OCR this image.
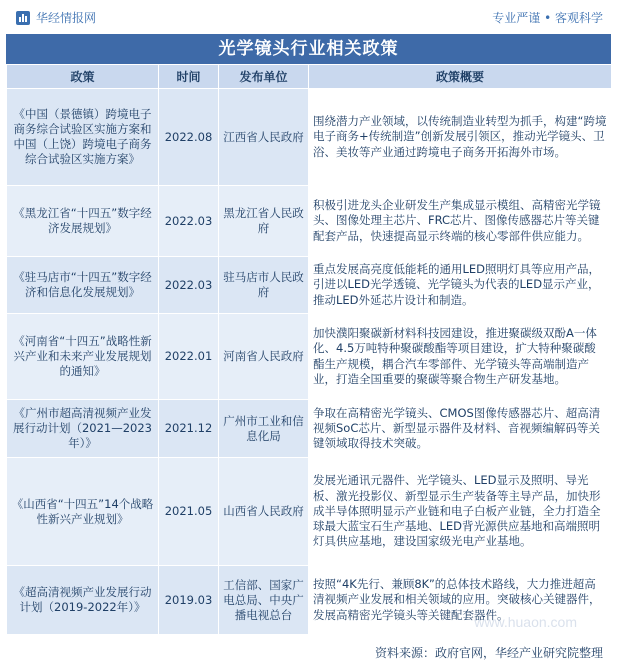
华经情报网	专业严谨 • 客观科学
光学镜头行业相关政策
政策	时间	发布单位	政策概要
《中国（景德镇）跨境电子商务综合试验区实施方案和中国（上饶）跨境电子商务综合试验区实施方案》	2022.08	江西省人民政府	围绕潜力产业领域，以传统制造业转型为抓手，构建“跨境电子商务+传统制造”创新发展引领区，推动光学镜头、卫浴、美妆等产业通过跨境电子商务开拓海外市场。
《黑龙江省“十四五”数字经济发展规划》	2022.03	黑龙江省人民政府	积极引进龙头企业研发生产集成显示模组、高精密光学镜头、图像处理主芯片、FRC芯片、图像传感器芯片等关键配套产品，快速提高显示终端的核心零部件供应能力。
《驻马店市“十四五”数字经济和信息化发展规划》	2022.03	驻马店市人民政府	重点发展高亮度低能耗的通用LED照明灯具等应用产品，引进以LED光学透镜、光学镜头为代表的LED显示产业，推动LED外延芯片设计和制造。
《河南省“十四五”战略性新兴产业和未来产业发展规划的通知》	2022.01	河南省人民政府	加快濮阳聚碳新材料科技园建设，推进聚碳级双酚A一体化、4.5万吨特种聚碳酸酯等项目建设，扩大特种聚碳酸酯生产规模，耦合汽车零部件、光学镜头等高端制造产业，打造全国重要的聚碳等聚合物生产研发基地。
《广州市超高清视频产业发展行动计划（2021—2023年）》	2021.12	广州市工业和信息化局	争取在高精密光学镜头、CMOS图像传感器芯片、超高清视频SoC芯片、新型显示器件及材料、音视频编解码等关键领域取得技术突破。
《山西省“十四五”14个战略性新兴产业规划》	2021.05	山西省人民政府	发展光通讯元器件、光学镜头、LED显示及照明、导光板、激光投影仪、新型显示生产装备等主导产品，加快形成半导体照明显示产业链和电子白板产业链，全力打造全球最大蓝宝石生产基地、LED背光源供应基地和高端照明灯具供应基地，建设国家级光电产业基地。
《超高清视频产业发展行动计划（2019-2022年）》	2019.03	工信部、国家广电总局、中央广播电视总台	按照“4K先行、兼顾8K”的总体技术路线，大力推进超高清视频产业发展和相关领域的应用。突破核心关键器件，发展高精密光学镜头等关键配套器件。
www.huaon.com
资料来源：政府官网，华经产业研究院整理
